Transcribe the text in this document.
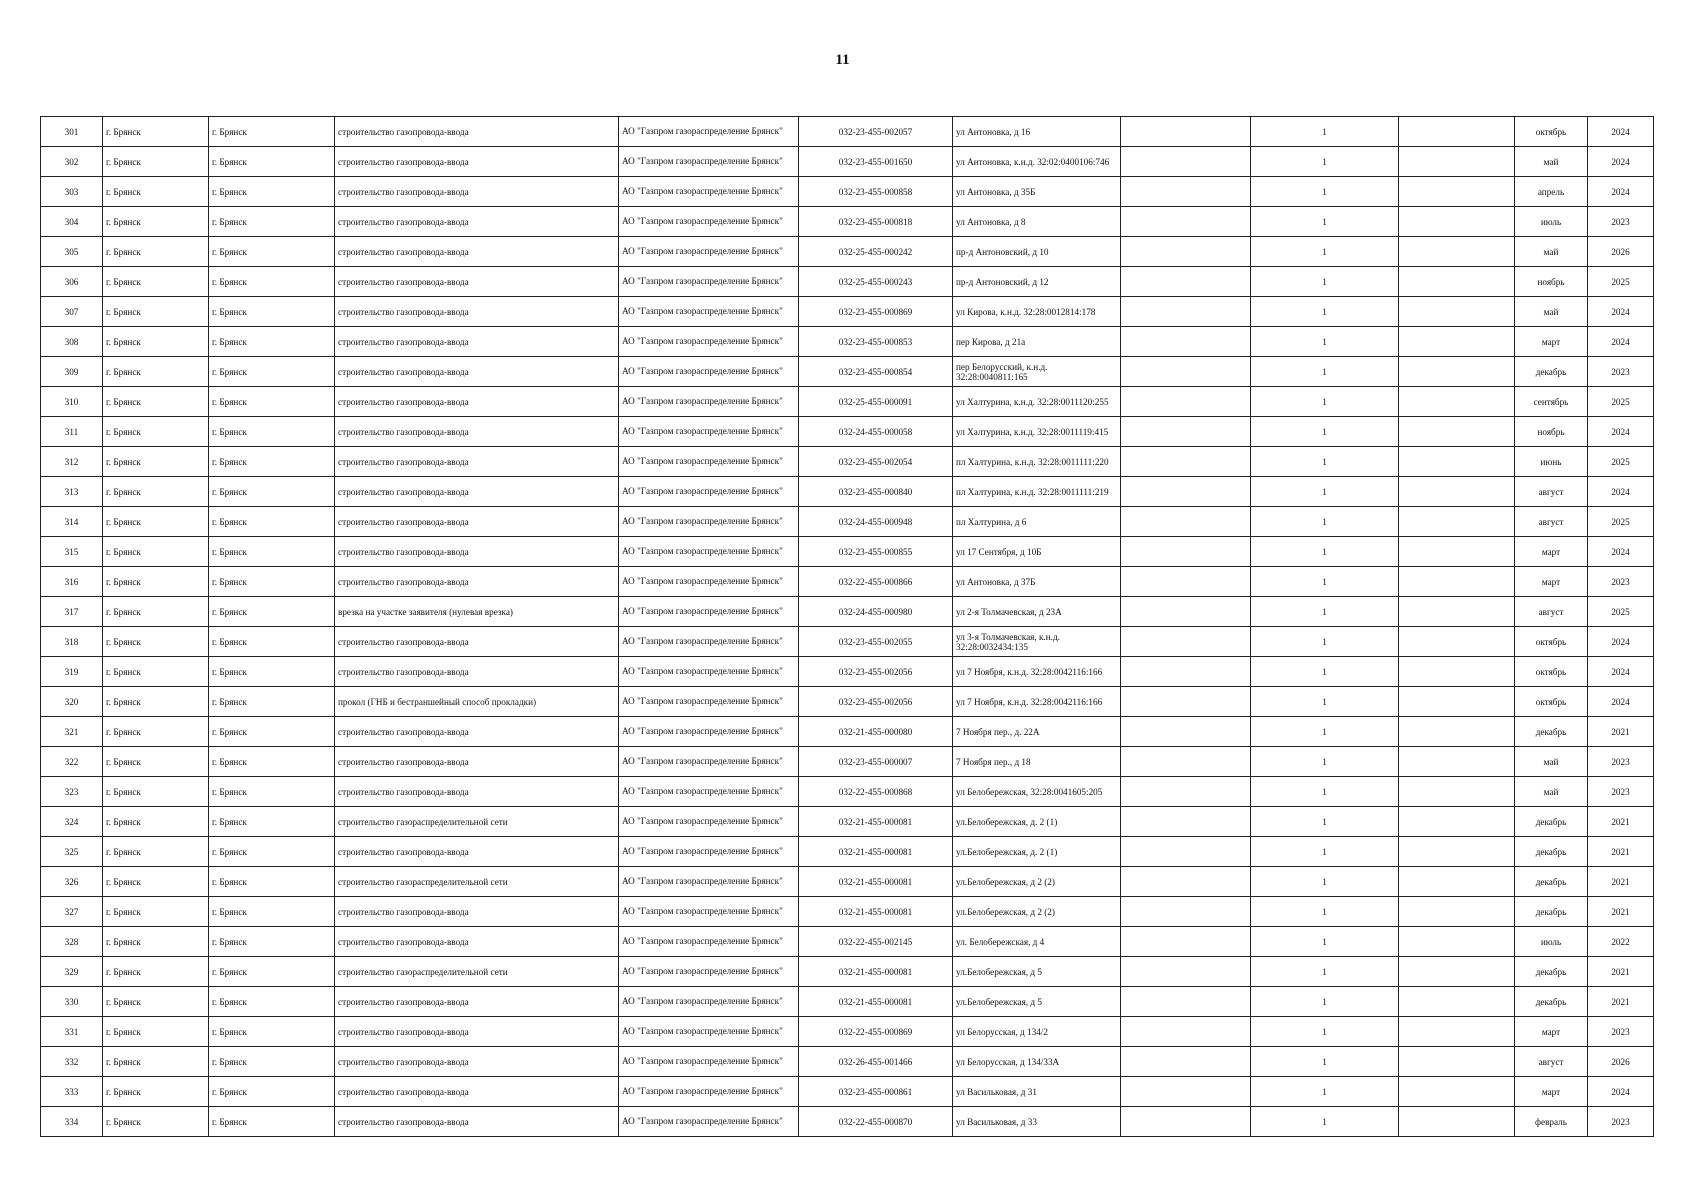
11
301	г. Брянск	г. Брянск	строительство газопровода-ввода	АО "Газпром газораспределение Брянск"	032-23-455-002057	ул Антоновка, д 16		1		октябрь	2024
302	г. Брянск	г. Брянск	строительство газопровода-ввода	АО "Газпром газораспределение Брянск"	032-23-455-001650	ул Антоновка, к.н.д. 32:02:0400106:746		1		май	2024
303	г. Брянск	г. Брянск	строительство газопровода-ввода	АО "Газпром газораспределение Брянск"	032-23-455-000858	ул Антоновка, д 35Б		1		апрель	2024
304	г. Брянск	г. Брянск	строительство газопровода-ввода	АО "Газпром газораспределение Брянск"	032-23-455-000818	ул Антоновка, д 8		1		июль	2023
305	г. Брянск	г. Брянск	строительство газопровода-ввода	АО "Газпром газораспределение Брянск"	032-25-455-000242	пр-д Антоновский, д 10		1		май	2026
306	г. Брянск	г. Брянск	строительство газопровода-ввода	АО "Газпром газораспределение Брянск"	032-25-455-000243	пр-д Антоновский, д 12		1		ноябрь	2025
307	г. Брянск	г. Брянск	строительство газопровода-ввода	АО "Газпром газораспределение Брянск"	032-23-455-000869	ул Кирова, к.н.д. 32:28:0012814:178		1		май	2024
308	г. Брянск	г. Брянск	строительство газопровода-ввода	АО "Газпром газораспределение Брянск"	032-23-455-000853	пер Кирова, д 21а		1		март	2024
309	г. Брянск	г. Брянск	строительство газопровода-ввода	АО "Газпром газораспределение Брянск"	032-23-455-000854	пер Белорусский, к.н.д. 32:28:0040811:165		1		декабрь	2023
310	г. Брянск	г. Брянск	строительство газопровода-ввода	АО "Газпром газораспределение Брянск"	032-25-455-000091	ул Халтурина, к.н.д. 32:28:0011120:255		1		сентябрь	2025
311	г. Брянск	г. Брянск	строительство газопровода-ввода	АО "Газпром газораспределение Брянск"	032-24-455-000058	ул Халтурина, к.н.д. 32:28:0011119:415		1		ноябрь	2024
312	г. Брянск	г. Брянск	строительство газопровода-ввода	АО "Газпром газораспределение Брянск"	032-23-455-002054	пл Халтурина, к.н.д. 32:28:0011111:220		1		июнь	2025
313	г. Брянск	г. Брянск	строительство газопровода-ввода	АО "Газпром газораспределение Брянск"	032-23-455-000840	пл Халтурина, к.н.д. 32:28:0011111:219		1		август	2024
314	г. Брянск	г. Брянск	строительство газопровода-ввода	АО "Газпром газораспределение Брянск"	032-24-455-000948	пл Халтурина, д 6		1		август	2025
315	г. Брянск	г. Брянск	строительство газопровода-ввода	АО "Газпром газораспределение Брянск"	032-23-455-000855	ул 17 Сентября, д 10Б		1		март	2024
316	г. Брянск	г. Брянск	строительство газопровода-ввода	АО "Газпром газораспределение Брянск"	032-22-455-000866	ул Антоновка, д 37Б		1		март	2023
317	г. Брянск	г. Брянск	врезка на участке заявителя (нулевая врезка)	АО "Газпром газораспределение Брянск"	032-24-455-000980	ул 2-я Толмачевская, д 23А		1		август	2025
318	г. Брянск	г. Брянск	строительство газопровода-ввода	АО "Газпром газораспределение Брянск"	032-23-455-002055	ул 3-я Толмачевская, к.н.д. 32:28:0032434:135		1		октябрь	2024
319	г. Брянск	г. Брянск	строительство газопровода-ввода	АО "Газпром газораспределение Брянск"	032-23-455-002056	ул 7 Ноября, к.н.д. 32:28:0042116:166		1		октябрь	2024
320	г. Брянск	г. Брянск	прокол (ГНБ и бестраншейный способ прокладки)	АО "Газпром газораспределение Брянск"	032-23-455-002056	ул 7 Ноября, к.н.д. 32:28:0042116:166		1		октябрь	2024
321	г. Брянск	г. Брянск	строительство газопровода-ввода	АО "Газпром газораспределение Брянск"	032-21-455-000080	7 Ноября пер., д. 22А		1		декабрь	2021
322	г. Брянск	г. Брянск	строительство газопровода-ввода	АО "Газпром газораспределение Брянск"	032-23-455-000007	7 Ноября пер., д 18		1		май	2023
323	г. Брянск	г. Брянск	строительство газопровода-ввода	АО "Газпром газораспределение Брянск"	032-22-455-000868	ул Белобережская, 32:28:0041605:205		1		май	2023
324	г. Брянск	г. Брянск	строительство газораспределительной сети	АО "Газпром газораспределение Брянск"	032-21-455-000081	ул.Белобережская, д. 2 (1)		1		декабрь	2021
325	г. Брянск	г. Брянск	строительство газопровода-ввода	АО "Газпром газораспределение Брянск"	032-21-455-000081	ул.Белобережская, д. 2 (1)		1		декабрь	2021
326	г. Брянск	г. Брянск	строительство газораспределительной сети	АО "Газпром газораспределение Брянск"	032-21-455-000081	ул.Белобережская, д 2 (2)		1		декабрь	2021
327	г. Брянск	г. Брянск	строительство газопровода-ввода	АО "Газпром газораспределение Брянск"	032-21-455-000081	ул.Белобережская, д 2 (2)		1		декабрь	2021
328	г. Брянск	г. Брянск	строительство газопровода-ввода	АО "Газпром газораспределение Брянск"	032-22-455-002145	ул. Белобережская, д 4		1		июль	2022
329	г. Брянск	г. Брянск	строительство газораспределительной сети	АО "Газпром газораспределение Брянск"	032-21-455-000081	ул.Белобережская, д 5		1		декабрь	2021
330	г. Брянск	г. Брянск	строительство газопровода-ввода	АО "Газпром газораспределение Брянск"	032-21-455-000081	ул.Белобережская, д 5		1		декабрь	2021
331	г. Брянск	г. Брянск	строительство газопровода-ввода	АО "Газпром газораспределение Брянск"	032-22-455-000869	ул Белорусская, д 134/2		1		март	2023
332	г. Брянск	г. Брянск	строительство газопровода-ввода	АО "Газпром газораспределение Брянск"	032-26-455-001466	ул Белорусская, д 134/33А		1		август	2026
333	г. Брянск	г. Брянск	строительство газопровода-ввода	АО "Газпром газораспределение Брянск"	032-23-455-000861	ул Васильковая, д 31		1		март	2024
334	г. Брянск	г. Брянск	строительство газопровода-ввода	АО "Газпром газораспределение Брянск"	032-22-455-000870	ул Васильковая, д 33		1		февраль	2023
